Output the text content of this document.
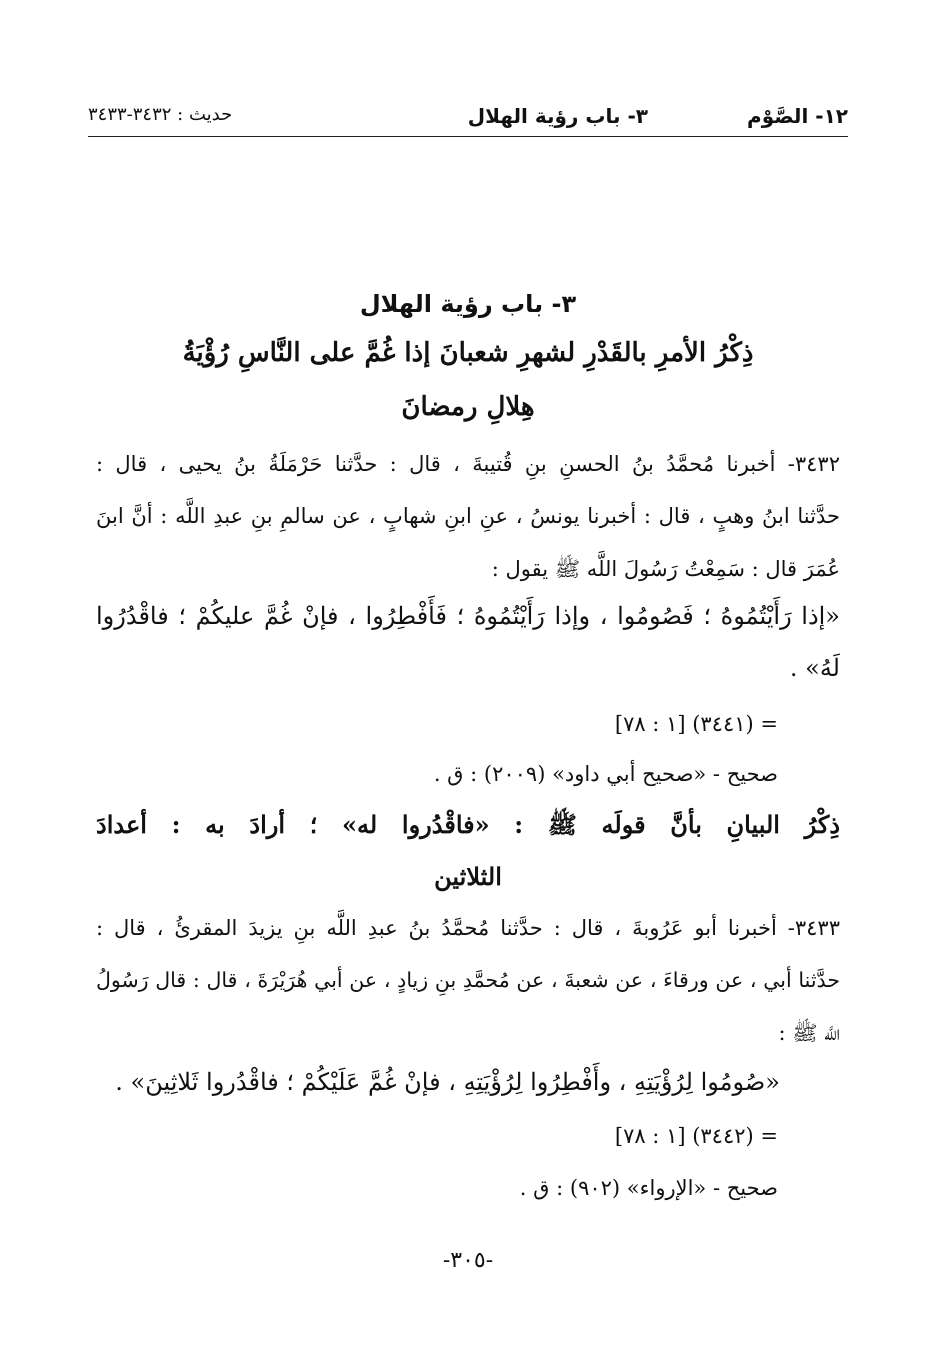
١٢- الصَّوْم
٣- باب رؤية الهلال
حديث : ٣٤٣٢-٣٤٣٣
٣- باب رؤية الهلال
ذِكْرُ الأمرِ بالقَدْرِ لشهرِ شعبانَ إذا غُمَّ على النَّاسِ رُؤْيَةُ
هِلالِ رمضانَ
٣٤٣٢- أخبرنا مُحمَّدُ بنُ الحسنِ بنِ قُتيبةَ ، قال : حدَّثنا حَرْمَلَةُ بنُ يحيى ، قال :
حدَّثنا ابنُ وهبٍ ، قال : أخبرنا يونسُ ، عنِ ابنِ شهابٍ ، عن سالمِ بنِ عبدِ اللَّه : أنَّ ابنَ
عُمَرَ قال : سَمِعْتُ رَسُولَ اللَّه ﷺ يقول :
«إذا رَأَيْتُمُوهُ ؛ فَصُومُوا ، وإذا رَأَيْتُمُوهُ ؛ فَأَفْطِرُوا ، فإنْ غُمَّ عليكُمْ ؛ فاقْدُرُوا
لَهُ» .
= (٣٤٤١) [١ : ٧٨]
صحيح - «صحيح أبي داود» (٢٠٠٩) : ق .
ذِكْرُ البيانِ بأنَّ قولَه ﷺ : «فاقْدُروا له» ؛ أرادَ به : أعدادَ
الثلاثين
٣٤٣٣- أخبرنا أبو عَرُوبةَ ، قال : حدَّثنا مُحمَّدُ بنُ عبدِ اللَّه بنِ يزيدَ المقرئُ ، قال :
حدَّثنا أبي ، عن ورقاءَ ، عن شعبةَ ، عن مُحمَّدِ بنِ زيادٍ ، عن أبي هُرَيْرَةَ ، قال : قال رَسُولُ
اللَّه ﷺ :
«صُومُوا لِرُؤْيَتِهِ ، وأَفْطِرُوا لِرُؤْيَتِهِ ، فإنْ غُمَّ عَلَيْكُمْ ؛ فاقْدُروا ثَلاثِينَ» .
= (٣٤٤٢) [١ : ٧٨]
صحيح - «الإرواء» (٩٠٢) : ق .
-٣٠٥-
